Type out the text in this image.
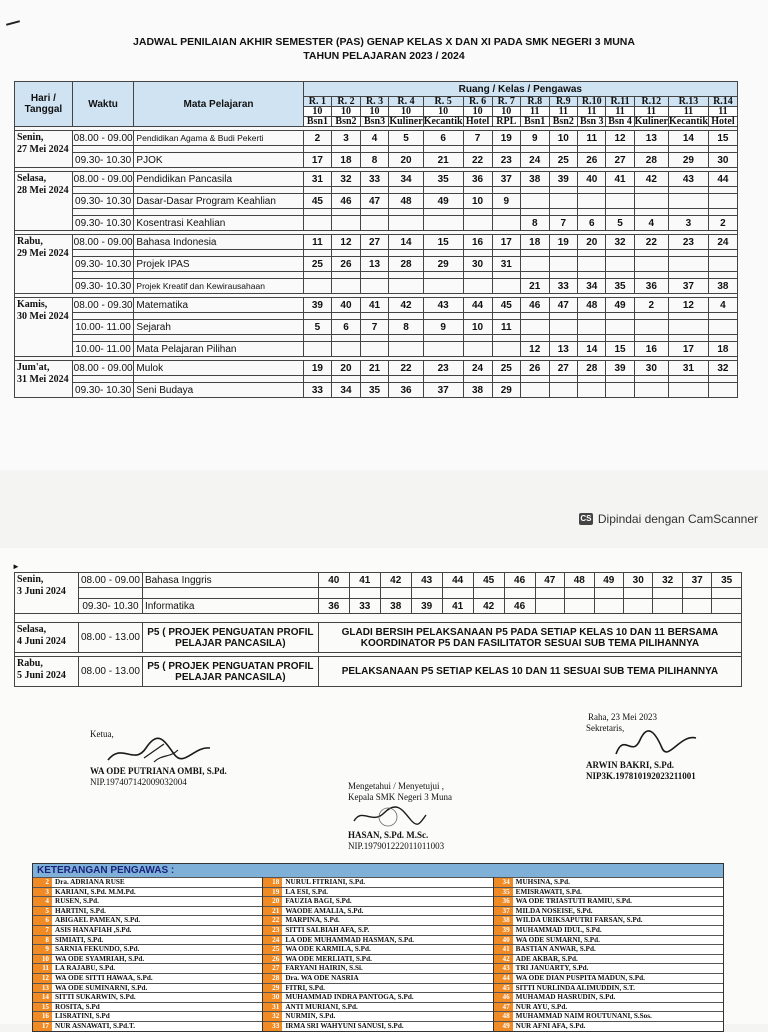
JADWAL PENILAIAN AKHIR SEMESTER (PAS) GENAP KELAS X DAN XI PADA SMK NEGERI 3 MUNA
TAHUN PELAJARAN 2023 / 2024
Hari / Tanggal	Waktu	Mata Pelajaran	Ruang / Kelas / Pengawas													
			R. 1	R. 2	R. 3	R. 4	R. 5	R. 6	R. 7	R.8	R.9	R.10	R.11	R.12	R.13	R.14
			10	10	10	10	10	10	10	11	11	11	11	11	11	11
			Bsn1	Bsn2	Bsn3	Kuliner	Kecantik	Hotel	RPL	Bsn1	Bsn2	Bsn 3	Bsn 4	Kuliner	Kecantik	Hotel

Senin,
27 Mei 2024	08.00 - 09.00	Pendidikan Agama & Budi Pekerti	2	3	4	5	6	7	19	9	10	11	12	13	14	15

	09.30- 10.30	PJOK	17	18	8	20	21	22	23	24	25	26	27	28	29	30

Selasa,
28 Mei 2024	08.00 - 09.00	Pendidikan Pancasila	31	32	33	34	35	36	37	38	39	40	41	42	43	44

	09.30- 10.30	Dasar-Dasar Program Keahlian	45	46	47	48	49	10	9							

	09.30- 10.30	Kosentrasi Keahlian								8	7	6	5	4	3	2

Rabu,
29 Mei 2024	08.00 - 09.00	Bahasa Indonesia	11	12	27	14	15	16	17	18	19	20	32	22	23	24

	09.30- 10.30	Projek IPAS	25	26	13	28	29	30	31							

	09.30- 10.30	Projek Kreatif dan Kewirausahaan								21	33	34	35	36	37	38

Kamis,
30 Mei 2024	08.00 - 09.30	Matematika	39	40	41	42	43	44	45	46	47	48	49	2	12	4

	10.00- 11.00	Sejarah	5	6	7	8	9	10	11							

	10.00- 11.00	Mata Pelajaran Pilihan								12	13	14	15	16	17	18

Jum'at,
31 Mei 2024	08.00 - 09.00	Mulok	19	20	21	22	23	24	25	26	27	28	39	30	31	32

	09.30- 10.30	Seni Budaya	33	34	35	36	37	38	29							
CS Dipindai dengan CamScanner
►
Senin,
3 Juni 2024	08.00 - 09.00	Bahasa Inggris	40	41	42	43	44	45	46	47	48	49	30	32	37	35

	09.30- 10.30	Informatika	36	33	38	39	41	42	46							

Selasa,
4 Juni 2024	08.00 - 13.00	P5 ( PROJEK PENGUATAN PROFIL PELAJAR PANCASILA)	GLADI BERSIH PELAKSANAAN P5 PADA SETIAP KELAS 10 DAN 11 BERSAMA KOORDINATOR P5 DAN FASILITATOR SESUAI SUB TEMA PILIHANNYA													

Rabu,
5 Juni 2024	08.00 - 13.00	P5 ( PROJEK PENGUATAN PROFIL PELAJAR PANCASILA)	PELAKSANAAN P5 SETIAP KELAS 10 DAN 11 SESUAI SUB TEMA PILIHANNYA													
Ketua,
WA ODE PUTRIANA OMBI, S.Pd.
NIP.197407142009032004
Raha, 23 Mei 2023
Sekretaris,
ARWIN BAKRI, S.Pd.
NIP3K.197810192023211001
Mengetahui / Menyetujui ,
Kepala SMK Negeri 3 Muna
HASAN, S.Pd. M.Sc.
NIP.197901222011011003
KETERANGAN PENGAWAS :
2 Dra. ADRIANA RUSE
3 KARIANI, S.Pd. M.M.Pd.
4 RUSEN, S.Pd.
5 HARTINI, S.Pd.
6 ABIGAEL PAMEAN, S.Pd.
7 ASIS HANAFIAH ,S.Pd.
8 SIMIATI, S.Pd.
9 SARNIA FEKUNDO, S.Pd.
10 WA ODE SYAMRIAH, S.Pd.
11 LA RAJABU, S.Pd.
12 WA ODE SITTI HAWAA, S.Pd.
13 WA ODE SUMINARNI, S.Pd.
14 SITTI SUKARWIN, S.Pd.
15 ROSITA, S.Pd
16 LISRATINI, S.Pd
17 NUR ASNAWATI, S.Pd.T.
18 NURUL FITRIANI, S.Pd.
19 LA ESI, S.Pd.
20 FAUZIA BAGI, S.Pd.
21 WAODE AMALIA, S.Pd.
22 MARPINA, S.Pd.
23 SITTI SALBIAH AFA, S.P.
24 LA ODE MUHAMMAD HASMAN, S.Pd.
25 WA ODE KARMILA, S.Pd.
26 WA ODE MERLIATI, S.Pd.
27 FARYANI HAIRIN, S.Si.
28 Dra. WA ODE NASRIA
29 FITRI, S.Pd.
30 MUHAMMAD INDRA PANTOGA, S.Pd.
31 ANTI MURIANI, S.Pd.
32 NURMIN, S.Pd.
33 IRMA SRI WAHYUNI SANUSI, S.Pd.
34 MUHSINA, S.Pd.
35 EMISRAWATI, S.Pd.
36 WA ODE TRIASTUTI RAMIU, S.Pd.
37 MILDA NOSEISE, S.Pd.
38 WILDA URIKSAPUTRI FARSAN, S.Pd.
39 MUHAMMAD IDUL, S.Pd.
40 WA ODE SUMARNI, S.Pd.
41 BASTIAN ANWAR, S.Pd.
42 ADE AKBAR, S.Pd.
43 TRI JANUARTY, S.Pd.
44 WA ODE DIAN PUSPITA MADUN, S.Pd.
45 SITTI NURLINDA ALIMUDDIN, S.T.
46 MUHAMAD HASRUDIN, S.Pd.
47 NUR AYU, S.Pd.
48 MUHAMMAD NAIM ROUTUNANI, S.Sos.
49 NUR AFNI AFA, S.Pd.
